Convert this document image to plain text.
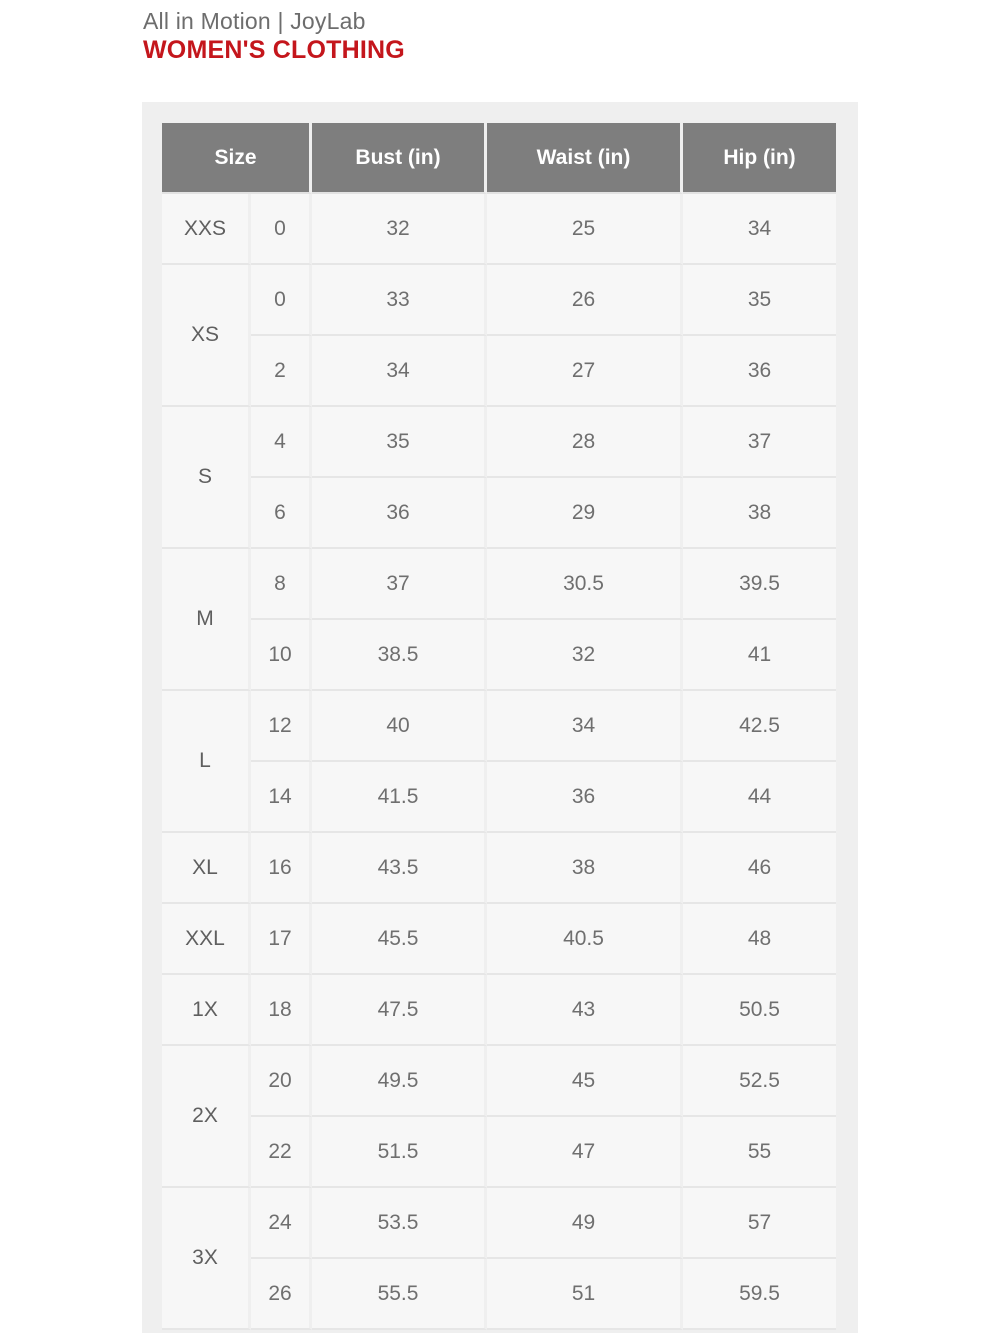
All in Motion | JoyLab
WOMEN'S CLOTHING
Size		Bust (in)	Waist (in)	Hip (in)
XXS	0	32	25	34
XS	0	33	26	35
	2	34	27	36
S	4	35	28	37
	6	36	29	38
M	8	37	30.5	39.5
	10	38.5	32	41
L	12	40	34	42.5
	14	41.5	36	44
XL	16	43.5	38	46
XXL	17	45.5	40.5	48
1X	18	47.5	43	50.5
2X	20	49.5	45	52.5
	22	51.5	47	55
3X	24	53.5	49	57
	26	55.5	51	59.5
